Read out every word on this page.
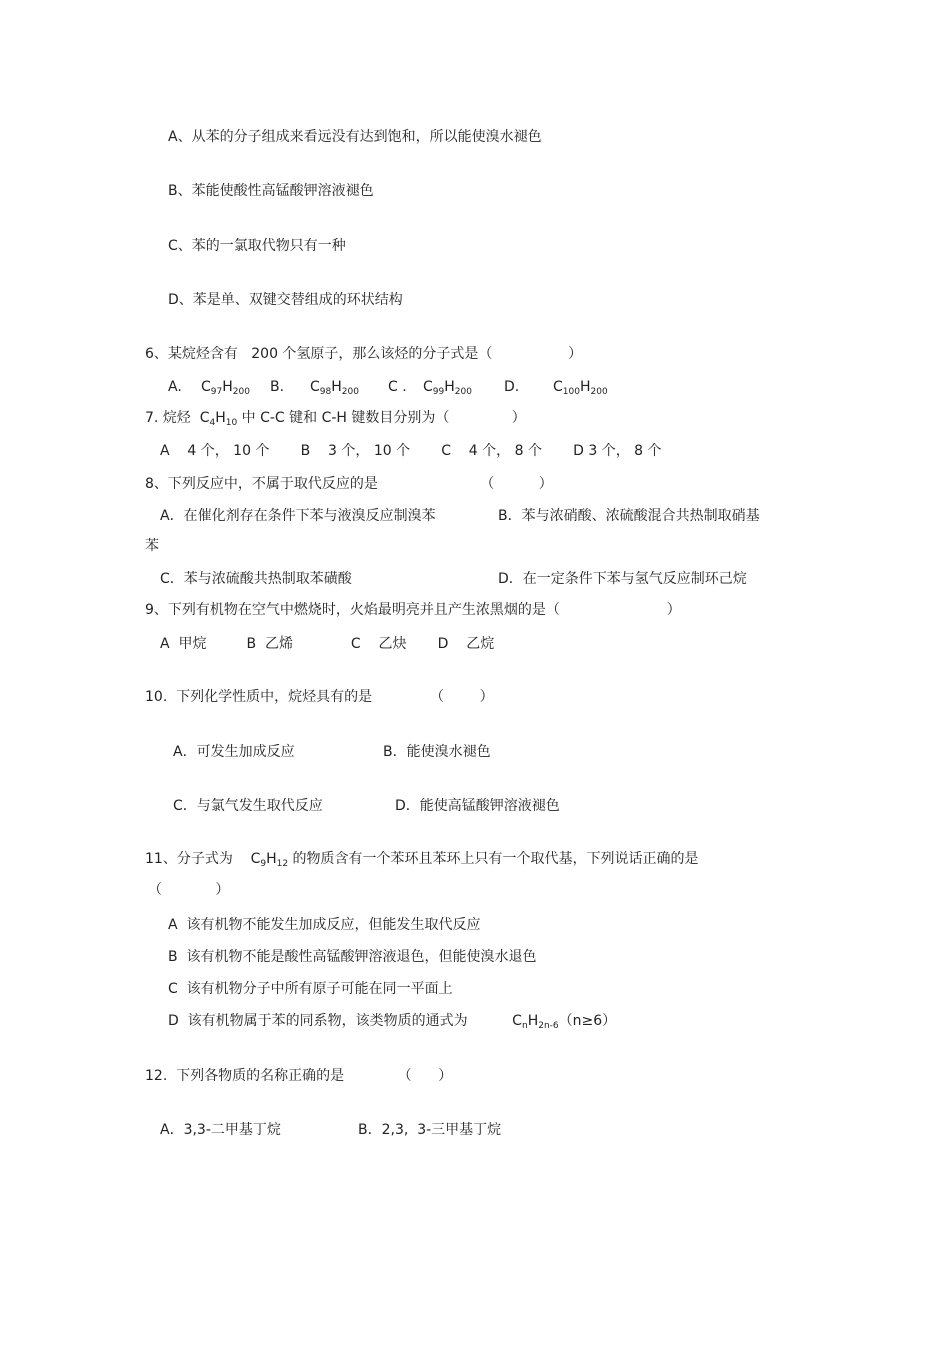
A、从苯的分子组成来看远没有达到饱和，所以能使溴水褪色
B、苯能使酸性高锰酸钾溶液褪色
C、苯的一氯取代物只有一种
D、苯是单、双键交替组成的环状结构
6、某烷烃含有   200 个氢原子，那么该烃的分子式是（                 ）
A. $C_{97}H_{200}$ B. $C_{98}H_{200}$ C . $C_{99}H_{200}$ D. $C_{100}H_{200}$
7. 烷烃  $C_4H_{10}$ 中 C-C 键和 C-H 键数目分别为（              ）
A    4 个， 10 个       B    3 个， 10 个       C    4 个， 8 个       D 3 个， 8 个
8、下列反应中，不属于取代反应的是                       （          ）
A．在催化剂存在条件下苯与液溴反应制溴苯	B．苯与浓硝酸、浓硫酸混合共热制取硝基
苯
C．苯与浓硫酸共热制取苯磺酸	D．在一定条件下苯与氢气反应制环己烷
9、下列有机物在空气中燃烧时，火焰最明亮并且产生浓黑烟的是（                        ）
A  甲烷         B  乙烯             C    乙炔       D    乙烷
10.  下列化学性质中，烷烃具有的是             （        ）
A．可发生加成反应	B．能使溴水褪色
C．与氯气发生取代反应	D．能使高锰酸钾溶液褪色
11、分子式为    $C_9H_{12}$ 的物质含有一个苯环且苯环上只有一个取代基，下列说话正确的是
（            ）
A  该有机物不能发生加成反应，但能发生取代反应
B  该有机物不能是酸性高锰酸钾溶液退色，但能使溴水退色
C  该有机物分子中所有原子可能在同一平面上
D  该有机物属于苯的同系物，该类物质的通式为          $C_nH_{2n-6}(n\ge 6)$
12.  下列各物质的名称正确的是            （      ）
A．3,3-二甲基丁烷	B．2,3,  3-三甲基丁烷
